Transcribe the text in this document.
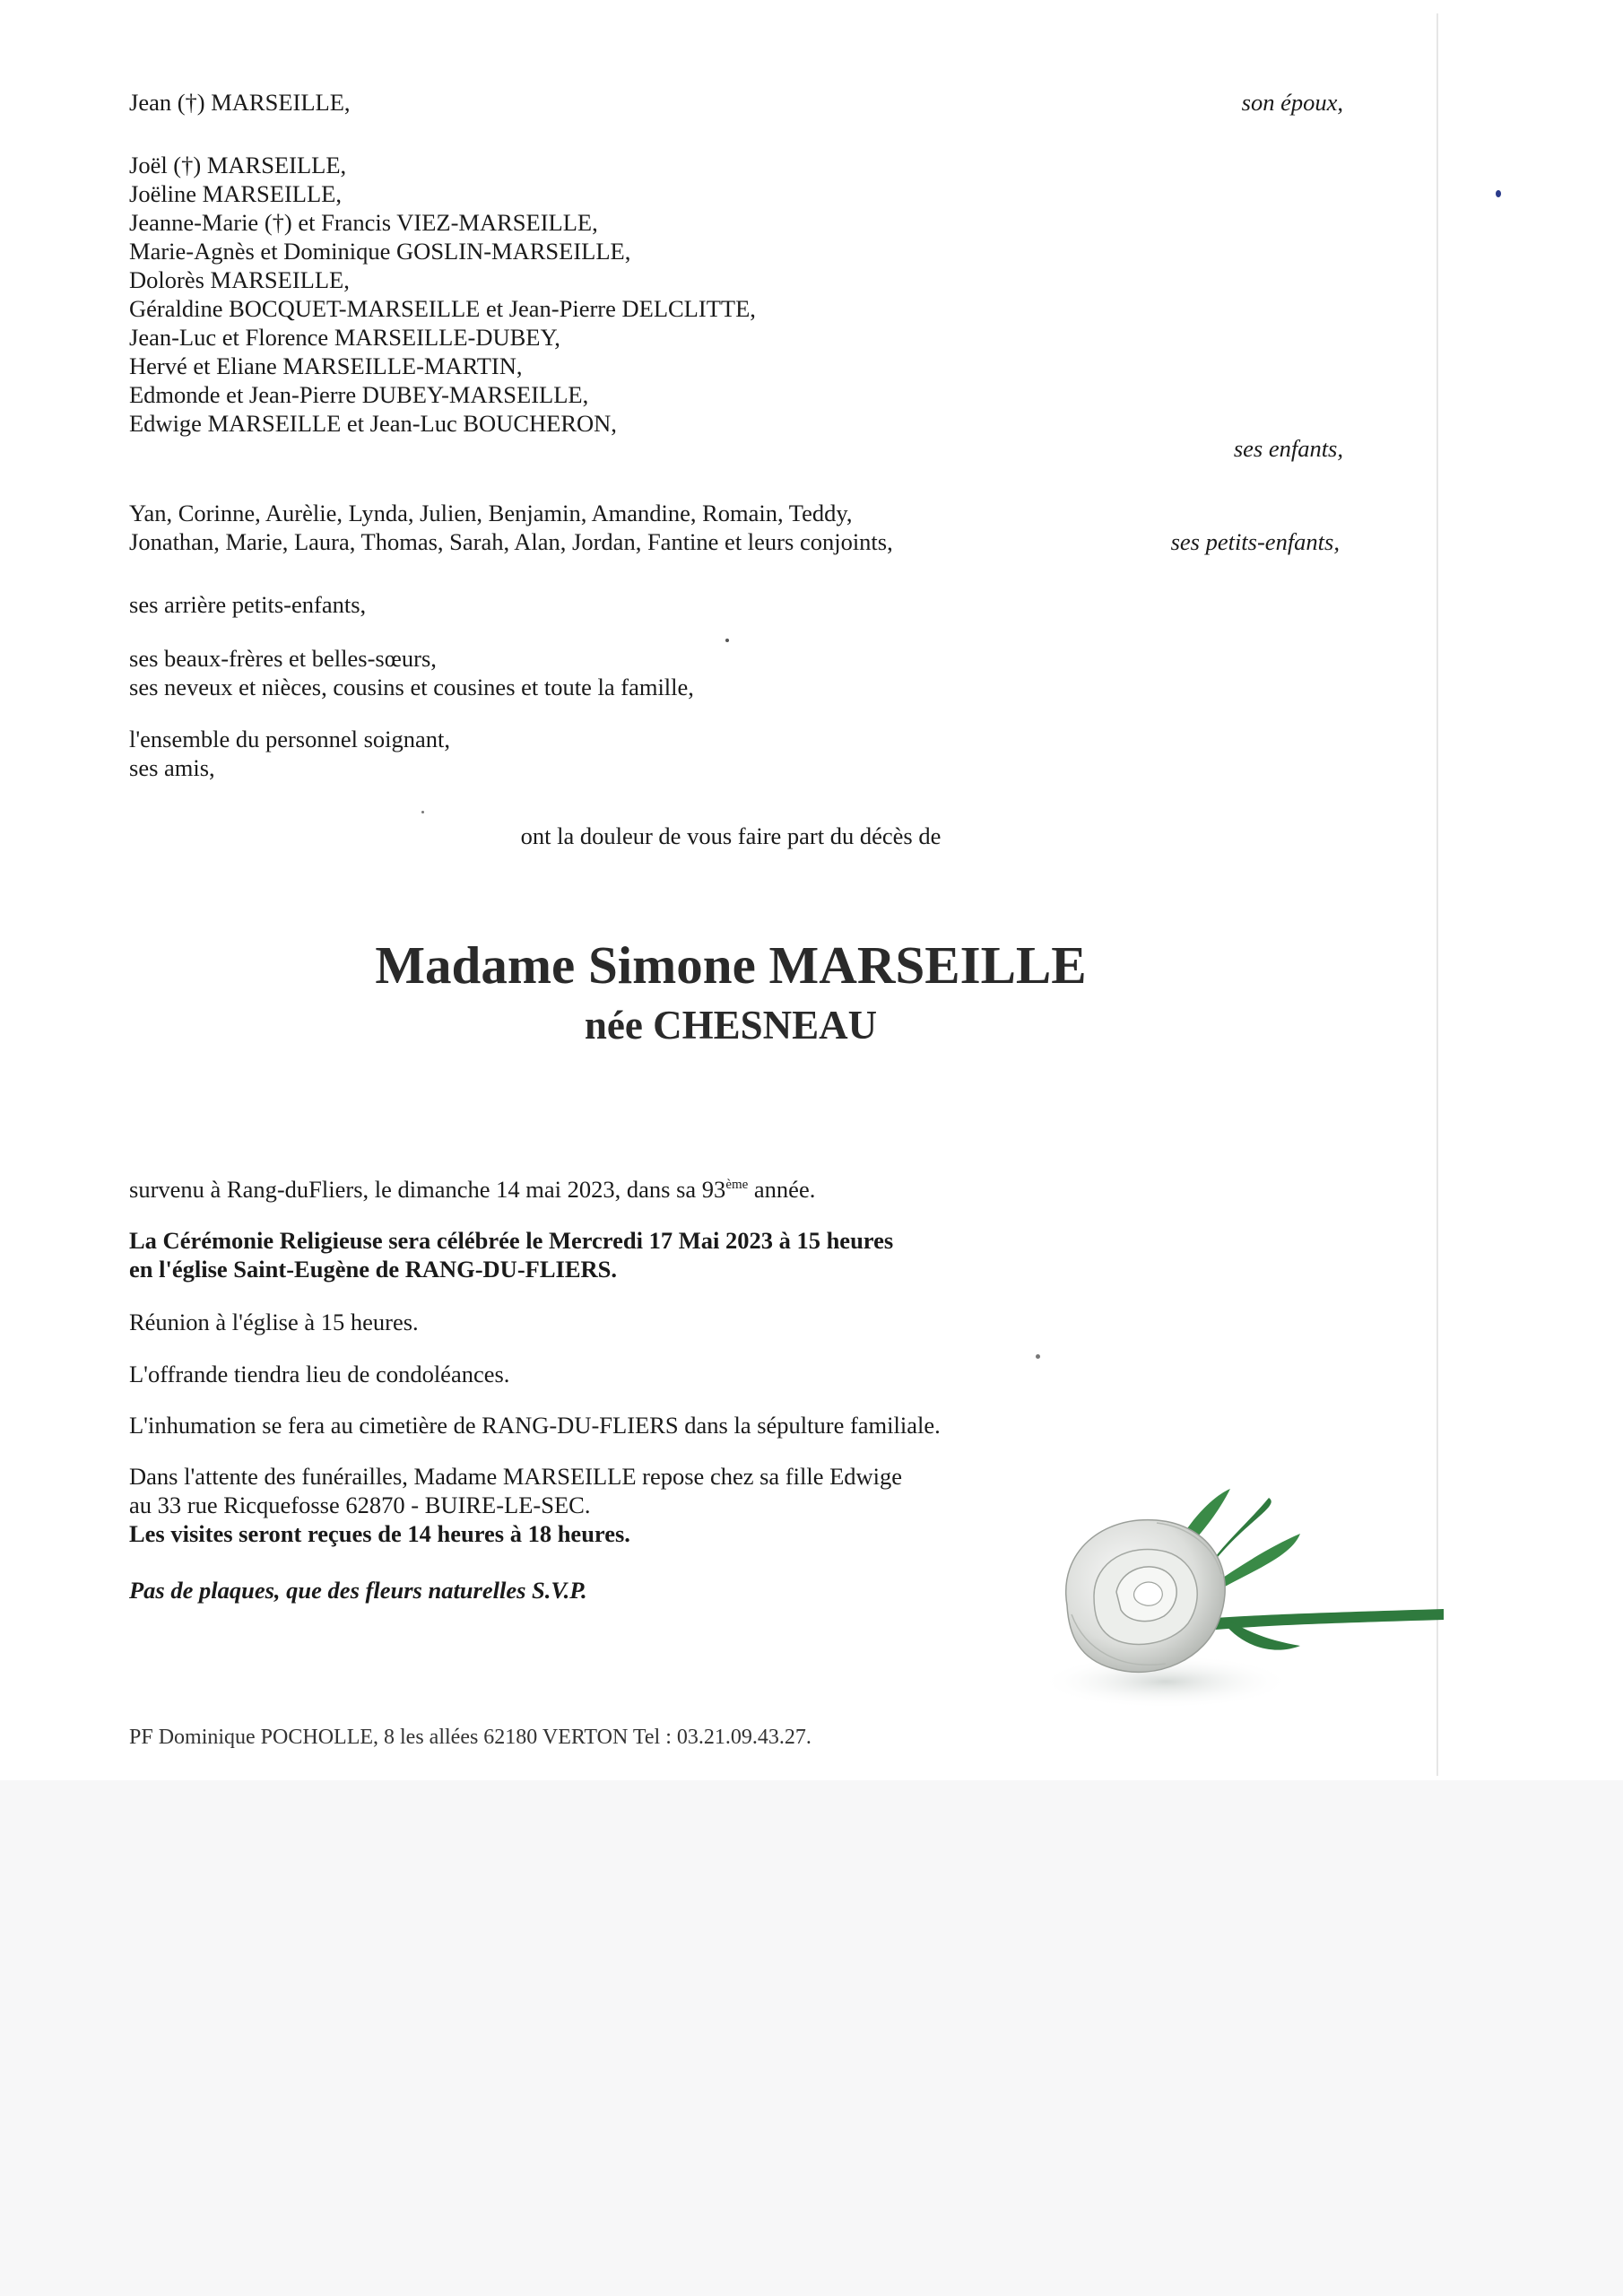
Jean (†) MARSEILLE,	son époux,
Joël (†) MARSEILLE,
Joëline MARSEILLE,
Jeanne-Marie (†) et Francis VIEZ-MARSEILLE,
Marie-Agnès et Dominique GOSLIN-MARSEILLE,
Dolorès MARSEILLE,
Géraldine BOCQUET-MARSEILLE et Jean-Pierre DELCLITTE,
Jean-Luc et Florence MARSEILLE-DUBEY,
Hervé et Eliane MARSEILLE-MARTIN,
Edmonde et Jean-Pierre DUBEY-MARSEILLE,
Edwige MARSEILLE et Jean-Luc BOUCHERON,
ses enfants,
Yan, Corinne, Aurèlie, Lynda, Julien, Benjamin, Amandine, Romain, Teddy,
Jonathan, Marie, Laura, Thomas, Sarah, Alan, Jordan, Fantine et leurs conjoints,	ses petits-enfants,
ses arrière petits-enfants,
ses beaux-frères et belles-sœurs,
ses neveux et nièces, cousins et cousines et toute la famille,
l'ensemble du personnel soignant,
ses amis,
ont la douleur de vous faire part du décès de
Madame Simone MARSEILLE
née CHESNEAU
survenu à Rang-duFliers, le dimanche 14 mai 2023, dans sa 93ème année.
La Cérémonie Religieuse sera célébrée le Mercredi 17 Mai 2023 à 15 heures
en l'église Saint-Eugène de RANG-DU-FLIERS.
Réunion à l'église à 15 heures.
L'offrande tiendra lieu de condoléances.
L'inhumation se fera au cimetière de RANG-DU-FLIERS dans la sépulture familiale.
Dans l'attente des funérailles, Madame MARSEILLE repose chez sa fille Edwige
au 33 rue Ricquefosse 62870 - BUIRE-LE-SEC.
Les visites seront reçues de 14 heures à 18 heures.
Pas de plaques, que des fleurs naturelles S.V.P.
PF Dominique POCHOLLE, 8 les allées 62180 VERTON Tel : 03.21.09.43.27.
